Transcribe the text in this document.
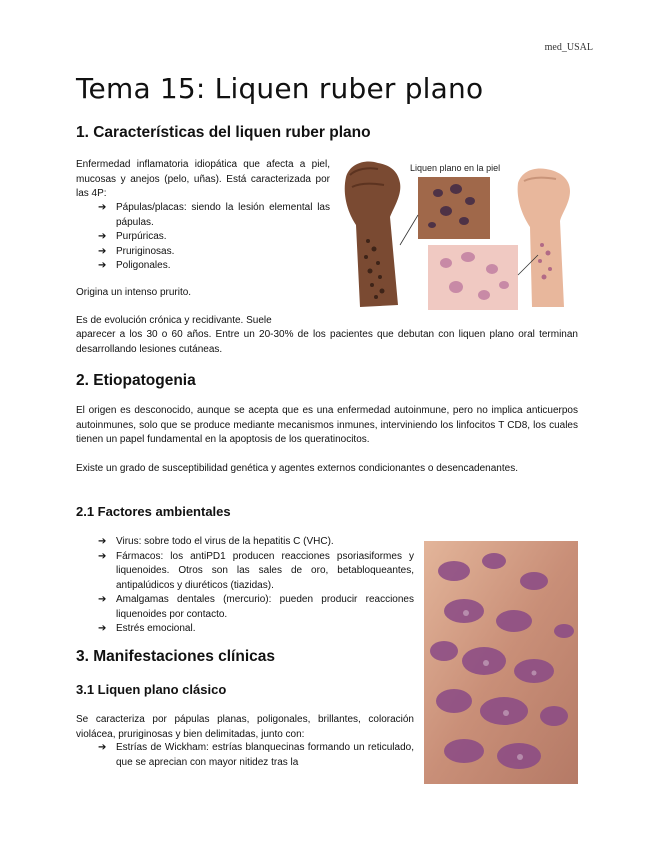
med_USAL
Tema 15: Liquen ruber plano
1. Características del liquen ruber plano
Enfermedad inflamatoria idiopática que afecta a piel, mucosas y anejos (pelo, uñas). Está caracterizada por las 4P:
➔ Pápulas/placas: siendo la lesión elemental las pápulas.
➔ Purpúricas.
➔ Pruriginosas.
➔ Poligonales.
Origina un intenso prurito.
Es de evolución crónica y recidivante. Suele
aparecer a los 30 o 60 años. Entre un 20-30% de los pacientes que debutan con liquen plano oral terminan desarrollando lesiones cutáneas.
Liquen plano en la piel
2. Etiopatogenia
El origen es desconocido, aunque se acepta que es una enfermedad autoinmune, pero no implica anticuerpos autoinmunes, solo que se produce mediante mecanismos inmunes, interviniendo los linfocitos T CD8, los cuales tienen un papel fundamental en la apoptosis de los queratinocitos.
Existe un grado de susceptibilidad genética y agentes externos condicionantes o desencadenantes.
2.1 Factores ambientales
➔ Virus: sobre todo el virus de la hepatitis C (VHC).
➔ Fármacos: los antiPD1 producen reacciones psoriasiformes y liquenoides. Otros son las sales de oro, betabloqueantes, antipalúdicos y diuréticos (tiazidas).
➔ Amalgamas dentales (mercurio): pueden producir reacciones liquenoides por contacto.
➔ Estrés emocional.
3. Manifestaciones clínicas
3.1 Liquen plano clásico
Se caracteriza por pápulas planas, poligonales, brillantes, coloración violácea, pruriginosas y bien delimitadas, junto con:
➔ Estrías de Wickham: estrías blanquecinas formando un reticulado, que se aprecian con mayor nitidez tras la
